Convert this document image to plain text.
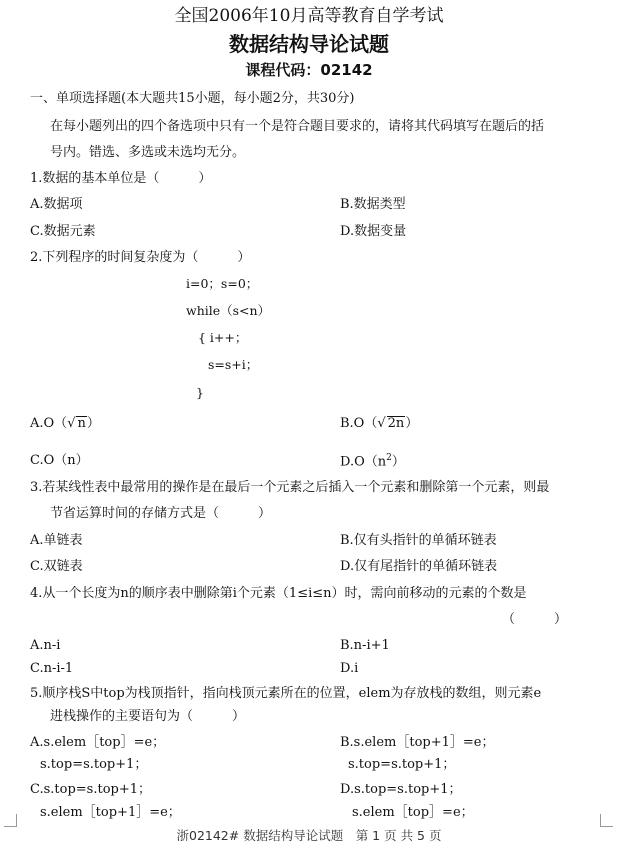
全国2006年10月高等教育自学考试
数据结构导论试题
课程代码：02142
一、单项选择题(本大题共15小题，每小题2分，共30分)
在每小题列出的四个备选项中只有一个是符合题目要求的，请将其代码填写在题后的括
号内。错选、多选或未选均无分。
1.数据的基本单位是（　　　）
A.数据项	B.数据类型
C.数据元素	D.数据变量
2.下列程序的时间复杂度为（　　　）
i=0；s=0；
while（s<n）
{ i++；
s=s+i；
}
A.O（√ n）	B.O（√ 2n）
C.O（n）	$D.O(n^2)$
3.若某线性表中最常用的操作是在最后一个元素之后插入一个元素和删除第一个元素，则最
节省运算时间的存储方式是（　　　）
A.单链表	B.仅有头指针的单循环链表
C.双链表	D.仅有尾指针的单循环链表
4.从一个长度为n的顺序表中删除第i个元素（1≤i≤n）时，需向前移动的元素的个数是
（　　　）
A.n-i	B.n-i+1
C.n-i-1	D.i
5.顺序栈S中top为栈顶指针，指向栈顶元素所在的位置，elem为存放栈的数组，则元素e
进栈操作的主要语句为（　　　）
A.s.elem［top］=e；
s.top=s.top+1；
B.s.elem［top+1］=e；
s.top=s.top+1；
C.s.top=s.top+1；
s.elem［top+1］=e；
D.s.top=s.top+1；
s.elem［top］=e；
浙02142# 数据结构导论试题　第 1 页 共 5 页
